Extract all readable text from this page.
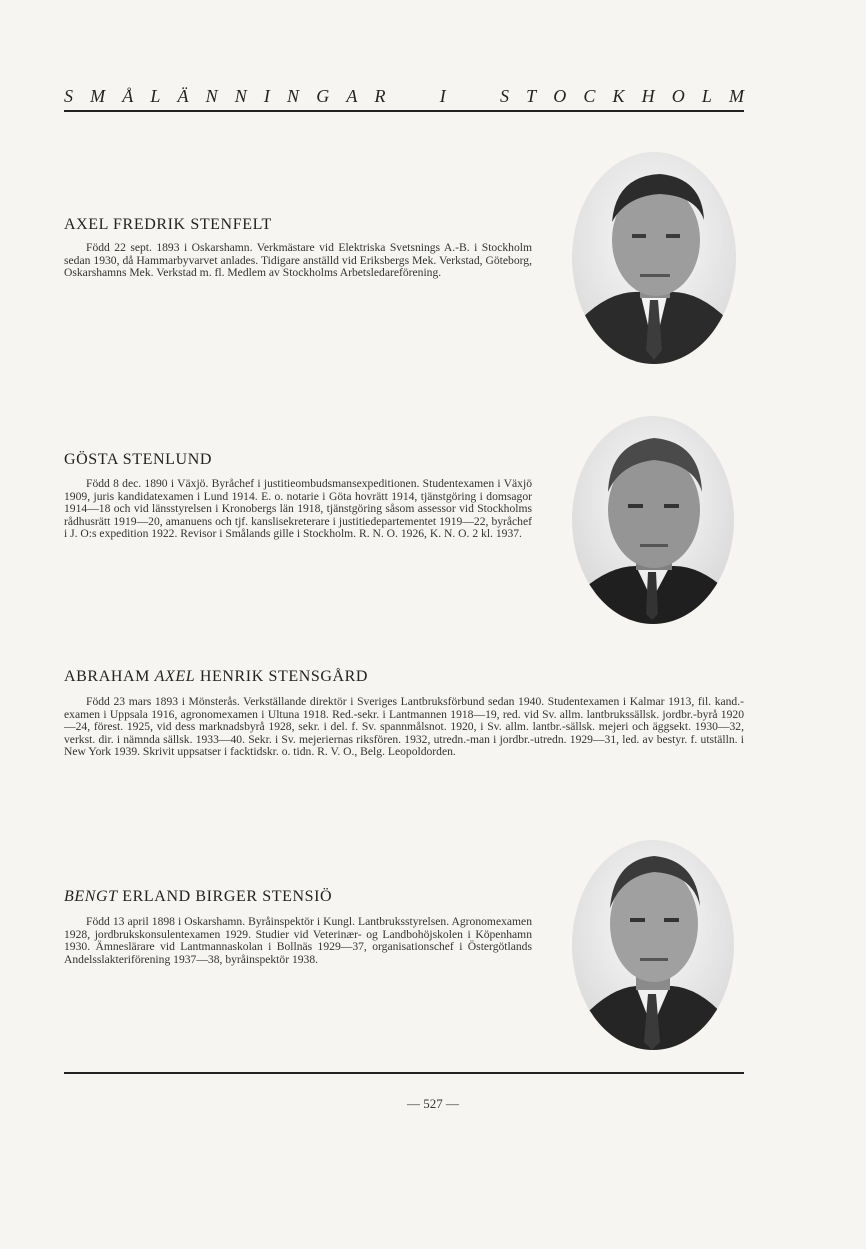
S M Å L Ä N N I N G A R	I	S T O C K H O L M
AXEL FREDRIK STENFELT

Född 22 sept. 1893 i Oskarshamn. Verkmästare vid Elektriska Svetsnings A.-B. i Stockholm sedan 1930, då Hammarbyvarvet anlades. Tidigare anställd vid Eriksbergs Mek. Verkstad, Göteborg, Oskarshamns Mek. Verkstad m. fl. Medlem av Stockholms Arbetsledareförening.

GÖSTA STENLUND

Född 8 dec. 1890 i Växjö. Byråchef i justitieombudsmansexpeditionen. Studentexamen i Växjö 1909, juris kandidatexamen i Lund 1914. E. o. notarie i Göta hovrätt 1914, tjänstgöring i domsagor 1914—18 och vid länsstyrelsen i Kronobergs län 1918, tjänstgöring såsom assessor vid Stockholms rådhusrätt 1919—20, amanuens och tjf. kanslisekreterare i justitiedepartementet 1919—22, byråchef i J. O:s expedition 1922. Revisor i Smålands gille i Stockholm. R. N. O. 1926, K. N. O. 2 kl. 1937.

ABRAHAM AXEL HENRIK STENSGÅRD

Född 23 mars 1893 i Mönsterås. Verkställande direktör i Sveriges Lantbruksförbund sedan 1940. Studentexamen i Kalmar 1913, fil. kand.-examen i Uppsala 1916, agronomexamen i Ultuna 1918. Red.-sekr. i Lantmannen 1918—19, red. vid Sv. allm. lantbrukssällsk. jordbr.-byrå 1920—24, förest. 1925, vid dess marknadsbyrå 1928, sekr. i del. f. Sv. spannmålsnot. 1920, i Sv. allm. lantbr.-sällsk. mejeri och äggsekt. 1930—32, verkst. dir. i nämnda sällsk. 1933—40. Sekr. i Sv. mejeriernas riksfören. 1932, utredn.-man i jordbr.-utredn. 1929—31, led. av bestyr. f. utställn. i New York 1939. Skrivit uppsatser i facktidskr. o. tidn. R. V. O., Belg. Leopoldorden.

BENGT ERLAND BIRGER STENSIÖ

Född 13 april 1898 i Oskarshamn. Byråinspektör i Kungl. Lantbruksstyrelsen. Agronomexamen 1928, jordbrukskonsulentexamen 1929. Studier vid Veterinær- og Landbohöjskolen i Köpenhamn 1930. Ämneslärare vid Lantmannaskolan i Bollnäs 1929—37, organisationschef i Östergötlands Andelsslakteriförening 1937—38, byråinspektör 1938.

— 527 —
